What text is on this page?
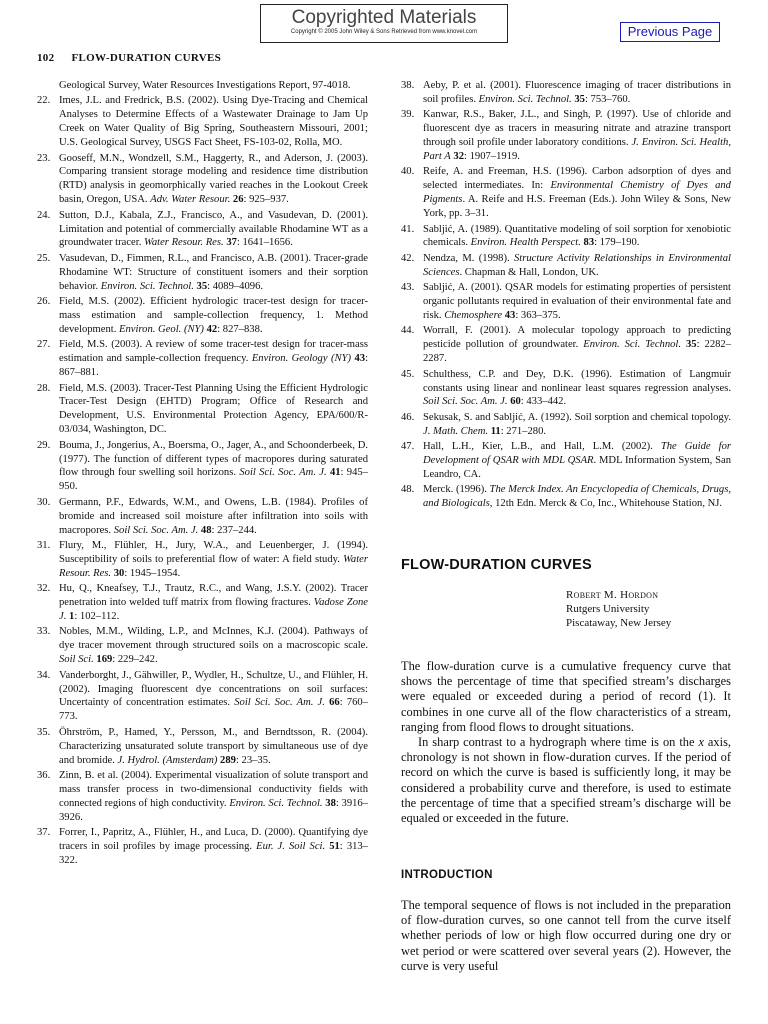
Copyrighted Materials
Copyright © 2005 John Wiley & Sons Retrieved from www.knovel.com	Previous Page
102 FLOW-DURATION CURVES
Geological Survey, Water Resources Investigations Report, 97-4018.
22. Imes, J.L. and Fredrick, B.S. (2002). Using Dye-Tracing and Chemical Analyses to Determine Effects of a Wastewater Drainage to Jam Up Creek on Water Quality of Big Spring, Southeastern Missouri, 2001; U.S. Geological Survey, USGS Fact Sheet, FS-103-02, Rolla, MO.
23. Gooseff, M.N., Wondzell, S.M., Haggerty, R., and Aderson, J. (2003). Comparing transient storage modeling and residence time distribution (RTD) analysis in geomorphically varied reaches in the Lookout Creek basin, Oregon, USA. Adv. Water Resour. 26: 925–937.
24. Sutton, D.J., Kabala, Z.J., Francisco, A., and Vasudevan, D. (2001). Limitation and potential of commercially available Rhodamine WT as a groundwater tracer. Water Resour. Res. 37: 1641–1656.
25. Vasudevan, D., Fimmen, R.L., and Francisco, A.B. (2001). Tracer-grade Rhodamine WT: Structure of constituent isomers and their sorption behavior. Environ. Sci. Technol. 35: 4089–4096.
26. Field, M.S. (2002). Efficient hydrologic tracer-test design for tracer-mass estimation and sample-collection frequency, 1. Method development. Environ. Geol. (NY) 42: 827–838.
27. Field, M.S. (2003). A review of some tracer-test design for tracer-mass estimation and sample-collection frequency. Environ. Geology (NY) 43: 867–881.
28. Field, M.S. (2003). Tracer-Test Planning Using the Efficient Hydrologic Tracer-Test Design (EHTD) Program; Office of Research and Development, U.S. Environmental Protection Agency, EPA/600/R-03/034, Washington, DC.
29. Bouma, J., Jongerius, A., Boersma, O., Jager, A., and Schoonderbeek, D. (1977). The function of different types of macropores during saturated flow through four swelling soil horizons. Soil Sci. Soc. Am. J. 41: 945–950.
30. Germann, P.F., Edwards, W.M., and Owens, L.B. (1984). Profiles of bromide and increased soil moisture after infiltration into soils with macropores. Soil Sci. Soc. Am. J. 48: 237–244.
31. Flury, M., Flühler, H., Jury, W.A., and Leuenberger, J. (1994). Susceptibility of soils to preferential flow of water: A field study. Water Resour. Res. 30: 1945–1954.
32. Hu, Q., Kneafsey, T.J., Trautz, R.C., and Wang, J.S.Y. (2002). Tracer penetration into welded tuff matrix from flowing fractures. Vadose Zone J. 1: 102–112.
33. Nobles, M.M., Wilding, L.P., and McInnes, K.J. (2004). Pathways of dye tracer movement through structured soils on a macroscopic scale. Soil Sci. 169: 229–242.
34. Vanderborght, J., Gähwiller, P., Wydler, H., Schultze, U., and Flühler, H. (2002). Imaging fluorescent dye concentrations on soil surfaces: Uncertainty of concentration estimates. Soil Sci. Soc. Am. J. 66: 760–773.
35. Öhrström, P., Hamed, Y., Persson, M., and Berndtsson, R. (2004). Characterizing unsaturated solute transport by simultaneous use of dye and bromide. J. Hydrol. (Amsterdam) 289: 23–35.
36. Zinn, B. et al. (2004). Experimental visualization of solute transport and mass transfer process in two-dimensional conductivity fields with connected regions of high conductivity. Environ. Sci. Technol. 38: 3916–3926.
37. Forrer, I., Papritz, A., Flühler, H., and Luca, D. (2000). Quantifying dye tracers in soil profiles by image processing. Eur. J. Soil Sci. 51: 313–322.
38. Aeby, P. et al. (2001). Fluorescence imaging of tracer distributions in soil profiles. Environ. Sci. Technol. 35: 753–760.
39. Kanwar, R.S., Baker, J.L., and Singh, P. (1997). Use of chloride and fluorescent dye as tracers in measuring nitrate and atrazine transport through soil profile under laboratory conditions. J. Environ. Sci. Health, Part A 32: 1907–1919.
40. Reife, A. and Freeman, H.S. (1996). Carbon adsorption of dyes and selected intermediates. In: Environmental Chemistry of Dyes and Pigments. A. Reife and H.S. Freeman (Eds.). John Wiley & Sons, New York, pp. 3–31.
41. Sabljić, A. (1989). Quantitative modeling of soil sorption for xenobiotic chemicals. Environ. Health Perspect. 83: 179–190.
42. Nendza, M. (1998). Structure Activity Relationships in Environmental Sciences. Chapman & Hall, London, UK.
43. Sabljić, A. (2001). QSAR models for estimating properties of persistent organic pollutants required in evaluation of their environmental fate and risk. Chemosphere 43: 363–375.
44. Worrall, F. (2001). A molecular topology approach to predicting pesticide pollution of groundwater. Environ. Sci. Technol. 35: 2282–2287.
45. Schulthess, C.P. and Dey, D.K. (1996). Estimation of Langmuir constants using linear and nonlinear least squares regression analyses. Soil Sci. Soc. Am. J. 60: 433–442.
46. Sekusak, S. and Sabljić, A. (1992). Soil sorption and chemical topology. J. Math. Chem. 11: 271–280.
47. Hall, L.H., Kier, L.B., and Hall, L.M. (2002). The Guide for Development of QSAR with MDL QSAR. MDL Information System, San Leandro, CA.
48. Merck. (1996). The Merck Index. An Encyclopedia of Chemicals, Drugs, and Biologicals, 12th Edn. Merck & Co, Inc., Whitehouse Station, NJ.
FLOW-DURATION CURVES
Robert M. Hordon
Rutgers University
Piscataway, New Jersey

The flow-duration curve is a cumulative frequency curve that shows the percentage of time that specified stream’s discharges were equaled or exceeded during a period of record (1). It combines in one curve all of the flow characteristics of a stream, ranging from flood flows to drought situations.

In sharp contrast to a hydrograph where time is on the x axis, chronology is not shown in flow-duration curves. If the period of record on which the curve is based is sufficiently long, it may be considered a probability curve and therefore, is used to estimate the percentage of time that a specified stream’s discharge will be equaled or exceeded in the future.

INTRODUCTION

The temporal sequence of flows is not included in the preparation of flow-duration curves, so one cannot tell from the curve itself whether periods of low or high flow occurred during one dry or wet period or were scattered over several years (2). However, the curve is very useful
